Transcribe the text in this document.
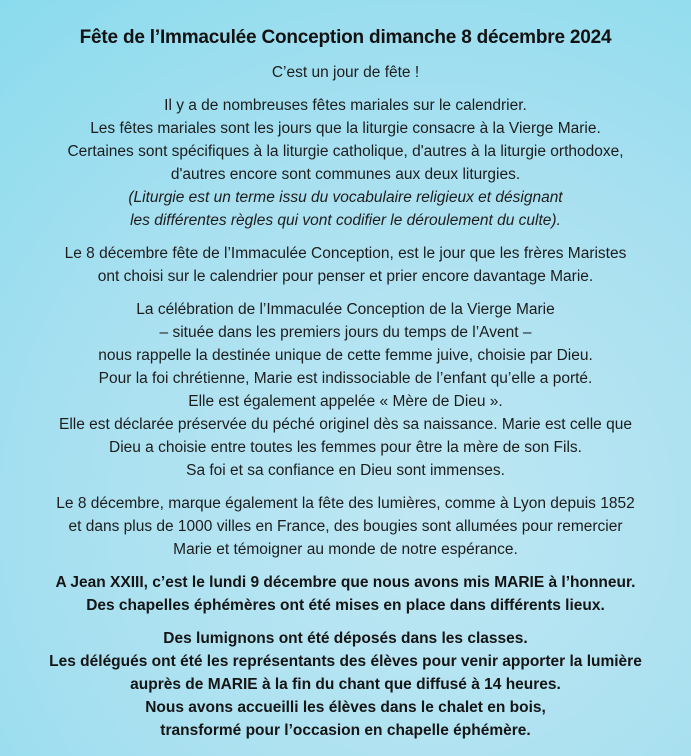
Fête de l’Immaculée Conception dimanche 8 décembre 2024
C’est un jour de fête !
Il y a de nombreuses fêtes mariales sur le calendrier.
Les fêtes mariales sont les jours que la liturgie consacre à la Vierge Marie.
Certaines sont spécifiques à la liturgie catholique, d'autres à la liturgie orthodoxe,
d'autres encore sont communes aux deux liturgies.
(Liturgie est un terme issu du vocabulaire religieux et désignant
les différentes règles qui vont codifier le déroulement du culte).
Le 8 décembre fête de l’Immaculée Conception, est le jour que les frères Maristes
ont choisi sur le calendrier pour penser et prier encore davantage Marie.
La célébration de l’Immaculée Conception de la Vierge Marie
– située dans les premiers jours du temps de l’Avent –
nous rappelle la destinée unique de cette femme juive, choisie par Dieu.
Pour la foi chrétienne, Marie est indissociable de l’enfant qu’elle a porté.
Elle est également appelée « Mère de Dieu ».
Elle est déclarée préservée du péché originel dès sa naissance. Marie est celle que
Dieu a choisie entre toutes les femmes pour être la mère de son Fils.
Sa foi et sa confiance en Dieu sont immenses.
Le 8 décembre, marque également la fête des lumières, comme à Lyon depuis 1852
et dans plus de 1000 villes en France, des bougies sont allumées pour remercier
Marie et témoigner au monde de notre espérance.
A Jean XXIII, c’est le lundi 9 décembre que nous avons mis MARIE à l’honneur.
Des chapelles éphémères ont été mises en place dans différents lieux.
Des lumignons ont été déposés dans les classes.
Les délégués ont été les représentants des élèves pour venir apporter la lumière
auprès de MARIE à la fin du chant que diffusé à 14 heures.
Nous avons accueilli les élèves dans le chalet en bois,
transformé pour l’occasion en chapelle éphémère.
